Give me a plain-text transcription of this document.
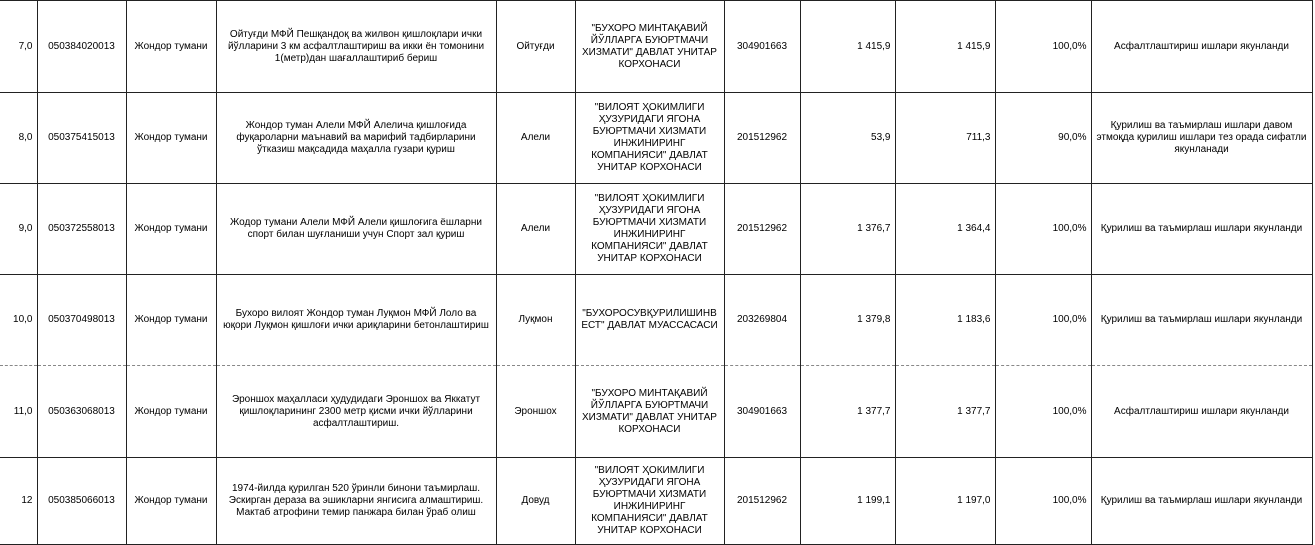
7,0	050384020013	Жондор тумани	Ойтуғди МФЙ Пешқандоқ ва жилвон қишлоқлари ички йўлларини 3 км асфалтлаштириш ва икки ён томонини 1(метр)дан шағаллаштириб бериш	Ойтуғди	"БУХОРО МИНТАҚАВИЙ ЙЎЛЛАРГА БУЮРТМАЧИ ХИЗМАТИ" ДАВЛАТ УНИТАР КОРХОНАСИ	304901663	1 415,9	1 415,9	100,0%	Асфалтлаштириш ишлари якунланди
8,0	050375415013	Жондор тумани	Жондор туман Алели МФЙ Алелича қишлоғида фуқароларни маънавий ва марифий тадбирларини ўтказиш мақсадида маҳалла гузари қуриш	Алели	"ВИЛОЯТ ҲОКИМЛИГИ ҲУЗУРИДАГИ ЯГОНА БУЮРТМАЧИ ХИЗМАТИ ИНЖИНИРИНГ КОМПАНИЯСИ" ДАВЛАТ УНИТАР КОРХОНАСИ	201512962	53,9	711,3	90,0%	Қурилиш ва таъмирлаш ишлари давом этмоқда қурилиш ишлари тез орада сифатли якунланади
9,0	050372558013	Жондор тумани	Жодор тумани Алели МФЙ Алели қишлоғига ёшларни спорт билан шуғланиши учун Спорт зал қуриш	Алели	"ВИЛОЯТ ҲОКИМЛИГИ ҲУЗУРИДАГИ ЯГОНА БУЮРТМАЧИ ХИЗМАТИ ИНЖИНИРИНГ КОМПАНИЯСИ" ДАВЛАТ УНИТАР КОРХОНАСИ	201512962	1 376,7	1 364,4	100,0%	Қурилиш ва таъмирлаш ишлари якунланди
10,0	050370498013	Жондор тумани	Бухоро вилоят Жондор туман Луқмон МФЙ Лоло ва юқори Луқмон қишлоғи ички ариқларини бетонлаштириш	Луқмон	"БУХОРОСУВҚУРИЛИШИНВ ЕСТ" ДАВЛАТ МУАССАСАСИ	203269804	1 379,8	1 183,6	100,0%	Қурилиш ва таъмирлаш ишлари якунланди
11,0	050363068013	Жондор тумани	Эроншох маҳалласи ҳудудидаги Эроншох ва Яккатут қишлоқларининг 2300 метр қисми ички йўлларини асфалтлаштириш.	Эроншох	"БУХОРО МИНТАҚАВИЙ ЙЎЛЛАРГА БУЮРТМАЧИ ХИЗМАТИ" ДАВЛАТ УНИТАР КОРХОНАСИ	304901663	1 377,7	1 377,7	100,0%	Асфалтлаштириш ишлари якунланди
12	050385066013	Жондор тумани	1974-йилда қурилган 520 ўринли бинони таъмирлаш. Эскирган дераза ва эшикларни янгисига алмаштириш. Мактаб атрофини темир панжара билан ўраб олиш	Довуд	"ВИЛОЯТ ҲОКИМЛИГИ ҲУЗУРИДАГИ ЯГОНА БУЮРТМАЧИ ХИЗМАТИ ИНЖИНИРИНГ КОМПАНИЯСИ" ДАВЛАТ УНИТАР КОРХОНАСИ	201512962	1 199,1	1 197,0	100,0%	Қурилиш ва таъмирлаш ишлари якунланди
